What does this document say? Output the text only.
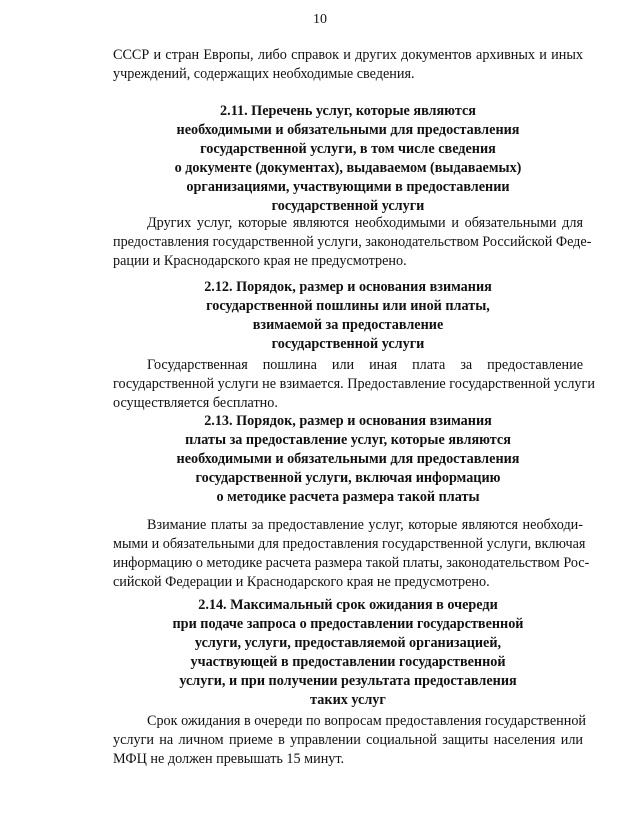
10
СССР и стран Европы, либо справок и других документов архивных и иных
учреждений, содержащих необходимые сведения.
2.11. Перечень услуг, которые являются
необходимыми и обязательными для предоставления
государственной услуги, в том числе сведения
о документе (документах), выдаваемом (выдаваемых)
организациями, участвующими в предоставлении
государственной услуги
Других услуг, которые являются необходимыми и обязательными для
предоставления государственной услуги, законодательством Российской Феде-
рации и Краснодарского края не предусмотрено.
2.12. Порядок, размер и основания взимания
государственной пошлины или иной платы,
взимаемой за предоставление
государственной услуги
Государственная пошлина или иная плата за предоставление
государственной услуги не взимается. Предоставление государственной услуги
осуществляется бесплатно.
2.13. Порядок, размер и основания взимания
платы за предоставление услуг, которые являются
необходимыми и обязательными для предоставления
государственной услуги, включая информацию
о методике расчета размера такой платы
Взимание платы за предоставление услуг, которые являются необходи-
мыми и обязательными для предоставления государственной услуги, включая
информацию о методике расчета размера такой платы, законодательством Рос-
сийской Федерации и Краснодарского края не предусмотрено.
2.14. Максимальный срок ожидания в очереди
при подаче запроса о предоставлении государственной
услуги, услуги, предоставляемой организацией,
участвующей в предоставлении государственной
услуги, и при получении результата предоставления
таких услуг
Срок ожидания в очереди по вопросам предоставления государственной
услуги на личном приеме в управлении социальной защиты населения или
МФЦ не должен превышать 15 минут.
